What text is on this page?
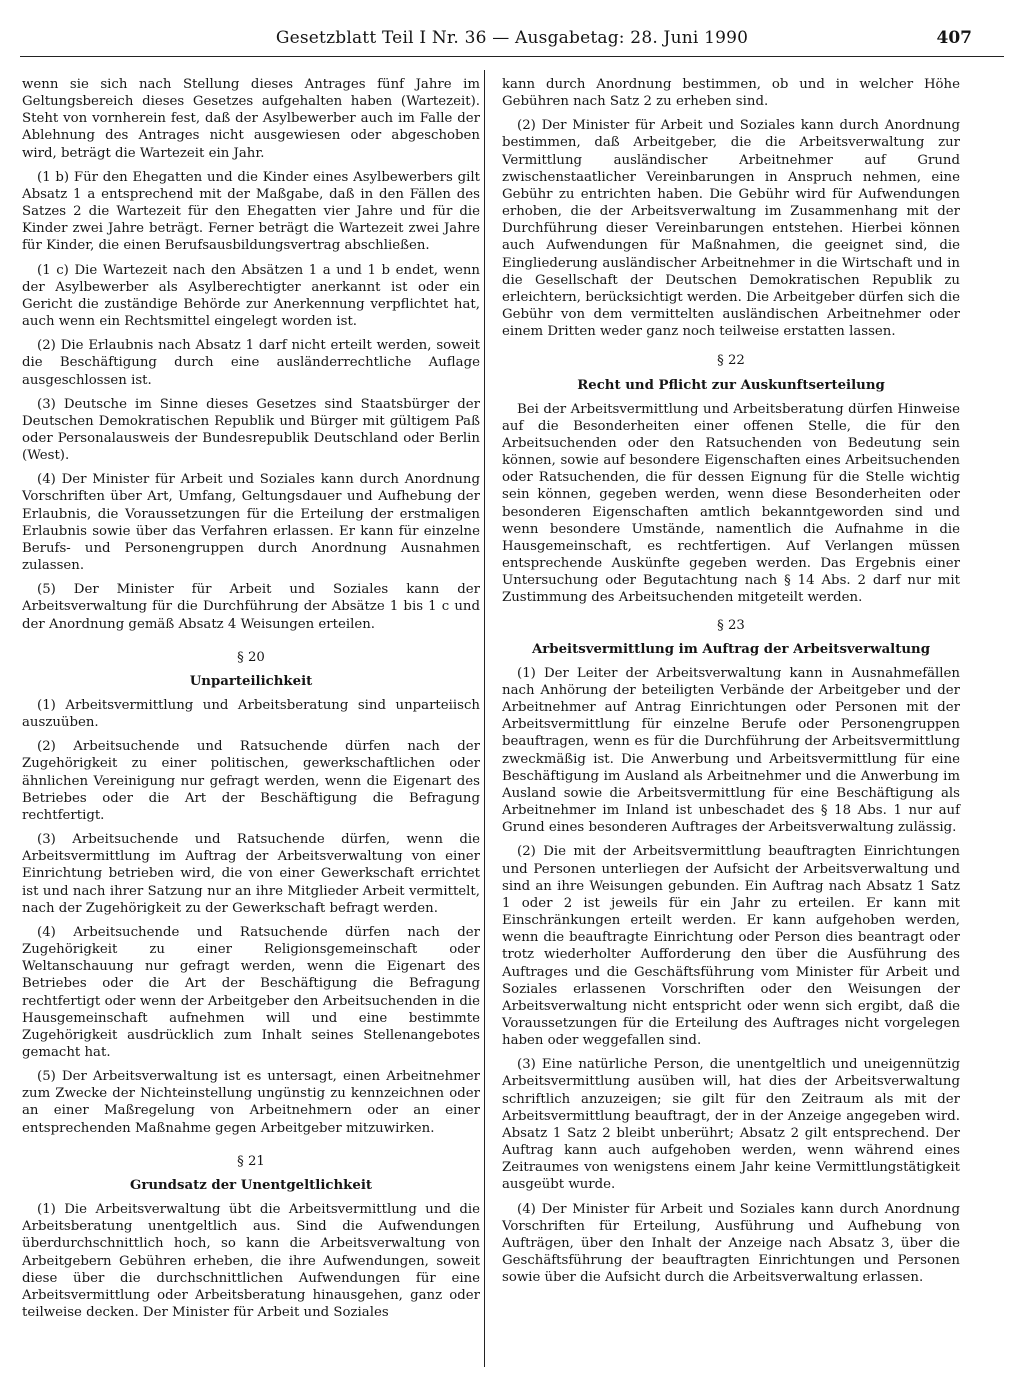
Gesetzblatt Teil I Nr. 36 — Ausgabetag: 28. Juni 1990	407

wenn sie sich nach Stellung dieses Antrages fünf Jahre im Geltungsbereich dieses Gesetzes aufgehalten haben (Wartezeit). Steht von vornherein fest, daß der Asylbewerber auch im Falle der Ablehnung des Antrages nicht ausgewiesen oder abgeschoben wird, beträgt die Wartezeit ein Jahr.

(1 b) Für den Ehegatten und die Kinder eines Asylbewerbers gilt Absatz 1 a entsprechend mit der Maßgabe, daß in den Fällen des Satzes 2 die Wartezeit für den Ehegatten vier Jahre und für die Kinder zwei Jahre beträgt. Ferner beträgt die Wartezeit zwei Jahre für Kinder, die einen Berufsausbildungsvertrag abschließen.

(1 c) Die Wartezeit nach den Absätzen 1 a und 1 b endet, wenn der Asylbewerber als Asylberechtigter anerkannt ist oder ein Gericht die zuständige Behörde zur Anerkennung verpflichtet hat, auch wenn ein Rechtsmittel eingelegt worden ist.

(2) Die Erlaubnis nach Absatz 1 darf nicht erteilt werden, soweit die Beschäftigung durch eine ausländerrechtliche Auflage ausgeschlossen ist.

(3) Deutsche im Sinne dieses Gesetzes sind Staatsbürger der Deutschen Demokratischen Republik und Bürger mit gültigem Paß oder Personalausweis der Bundesrepublik Deutschland oder Berlin (West).

(4) Der Minister für Arbeit und Soziales kann durch Anordnung Vorschriften über Art, Umfang, Geltungsdauer und Aufhebung der Erlaubnis, die Voraussetzungen für die Erteilung der erstmaligen Erlaubnis sowie über das Verfahren erlassen. Er kann für einzelne Berufs- und Personengruppen durch Anordnung Ausnahmen zulassen.

(5) Der Minister für Arbeit und Soziales kann der Arbeitsverwaltung für die Durchführung der Absätze 1 bis 1 c und der Anordnung gemäß Absatz 4 Weisungen erteilen.

§ 20
Unparteilichkeit

(1) Arbeitsvermittlung und Arbeitsberatung sind unparteiisch auszuüben.

(2) Arbeitsuchende und Ratsuchende dürfen nach der Zugehörigkeit zu einer politischen, gewerkschaftlichen oder ähnlichen Vereinigung nur gefragt werden, wenn die Eigenart des Betriebes oder die Art der Beschäftigung die Befragung rechtfertigt.

(3) Arbeitsuchende und Ratsuchende dürfen, wenn die Arbeitsvermittlung im Auftrag der Arbeitsverwaltung von einer Einrichtung betrieben wird, die von einer Gewerkschaft errichtet ist und nach ihrer Satzung nur an ihre Mitglieder Arbeit vermittelt, nach der Zugehörigkeit zu der Gewerkschaft befragt werden.

(4) Arbeitsuchende und Ratsuchende dürfen nach der Zugehörigkeit zu einer Religionsgemeinschaft oder Weltanschauung nur gefragt werden, wenn die Eigenart des Betriebes oder die Art der Beschäftigung die Befragung rechtfertigt oder wenn der Arbeitgeber den Arbeitsuchenden in die Hausgemeinschaft aufnehmen will und eine bestimmte Zugehörigkeit ausdrücklich zum Inhalt seines Stellenangebotes gemacht hat.

(5) Der Arbeitsverwaltung ist es untersagt, einen Arbeitnehmer zum Zwecke der Nichteinstellung ungünstig zu kennzeichnen oder an einer Maßregelung von Arbeitnehmern oder an einer entsprechenden Maßnahme gegen Arbeitgeber mitzuwirken.

§ 21
Grundsatz der Unentgeltlichkeit

(1) Die Arbeitsverwaltung übt die Arbeitsvermittlung und die Arbeitsberatung unentgeltlich aus. Sind die Aufwendungen überdurchschnittlich hoch, so kann die Arbeitsverwaltung von Arbeitgebern Gebühren erheben, die ihre Aufwendungen, soweit diese über die durchschnittlichen Aufwendungen für eine Arbeitsvermittlung oder Arbeitsberatung hinausgehen, ganz oder teilweise decken. Der Minister für Arbeit und Soziales

kann durch Anordnung bestimmen, ob und in welcher Höhe Gebühren nach Satz 2 zu erheben sind.

(2) Der Minister für Arbeit und Soziales kann durch Anordnung bestimmen, daß Arbeitgeber, die die Arbeitsverwaltung zur Vermittlung ausländischer Arbeitnehmer auf Grund zwischenstaatlicher Vereinbarungen in Anspruch nehmen, eine Gebühr zu entrichten haben. Die Gebühr wird für Aufwendungen erhoben, die der Arbeitsverwaltung im Zusammenhang mit der Durchführung dieser Vereinbarungen entstehen. Hierbei können auch Aufwendungen für Maßnahmen, die geeignet sind, die Eingliederung ausländischer Arbeitnehmer in die Wirtschaft und in die Gesellschaft der Deutschen Demokratischen Republik zu erleichtern, berücksichtigt werden. Die Arbeitgeber dürfen sich die Gebühr von dem vermittelten ausländischen Arbeitnehmer oder einem Dritten weder ganz noch teilweise erstatten lassen.

§ 22
Recht und Pflicht zur Auskunftserteilung

Bei der Arbeitsvermittlung und Arbeitsberatung dürfen Hinweise auf die Besonderheiten einer offenen Stelle, die für den Arbeitsuchenden oder den Ratsuchenden von Bedeutung sein können, sowie auf besondere Eigenschaften eines Arbeitsuchenden oder Ratsuchenden, die für dessen Eignung für die Stelle wichtig sein können, gegeben werden, wenn diese Besonderheiten oder besonderen Eigenschaften amtlich bekanntgeworden sind und wenn besondere Umstände, namentlich die Aufnahme in die Hausgemeinschaft, es rechtfertigen. Auf Verlangen müssen entsprechende Auskünfte gegeben werden. Das Ergebnis einer Untersuchung oder Begutachtung nach § 14 Abs. 2 darf nur mit Zustimmung des Arbeitsuchenden mitgeteilt werden.

§ 23
Arbeitsvermittlung im Auftrag der Arbeitsverwaltung

(1) Der Leiter der Arbeitsverwaltung kann in Ausnahmefällen nach Anhörung der beteiligten Verbände der Arbeitgeber und der Arbeitnehmer auf Antrag Einrichtungen oder Personen mit der Arbeitsvermittlung für einzelne Berufe oder Personengruppen beauftragen, wenn es für die Durchführung der Arbeitsvermittlung zweckmäßig ist. Die Anwerbung und Arbeitsvermittlung für eine Beschäftigung im Ausland als Arbeitnehmer und die Anwerbung im Ausland sowie die Arbeitsvermittlung für eine Beschäftigung als Arbeitnehmer im Inland ist unbeschadet des § 18 Abs. 1 nur auf Grund eines besonderen Auftrages der Arbeitsverwaltung zulässig.

(2) Die mit der Arbeitsvermittlung beauftragten Einrichtungen und Personen unterliegen der Aufsicht der Arbeitsverwaltung und sind an ihre Weisungen gebunden. Ein Auftrag nach Absatz 1 Satz 1 oder 2 ist jeweils für ein Jahr zu erteilen. Er kann mit Einschränkungen erteilt werden. Er kann aufgehoben werden, wenn die beauftragte Einrichtung oder Person dies beantragt oder trotz wiederholter Aufforderung den über die Ausführung des Auftrages und die Geschäftsführung vom Minister für Arbeit und Soziales erlassenen Vorschriften oder den Weisungen der Arbeitsverwaltung nicht entspricht oder wenn sich ergibt, daß die Voraussetzungen für die Erteilung des Auftrages nicht vorgelegen haben oder weggefallen sind.

(3) Eine natürliche Person, die unentgeltlich und uneigennützig Arbeitsvermittlung ausüben will, hat dies der Arbeitsverwaltung schriftlich anzuzeigen; sie gilt für den Zeitraum als mit der Arbeitsvermittlung beauftragt, der in der Anzeige angegeben wird. Absatz 1 Satz 2 bleibt unberührt; Absatz 2 gilt entsprechend. Der Auftrag kann auch aufgehoben werden, wenn während eines Zeitraumes von wenigstens einem Jahr keine Vermittlungstätigkeit ausgeübt wurde.

(4) Der Minister für Arbeit und Soziales kann durch Anordnung Vorschriften für Erteilung, Ausführung und Aufhebung von Aufträgen, über den Inhalt der Anzeige nach Absatz 3, über die Geschäftsführung der beauftragten Einrichtungen und Personen sowie über die Aufsicht durch die Arbeitsverwaltung erlassen.
